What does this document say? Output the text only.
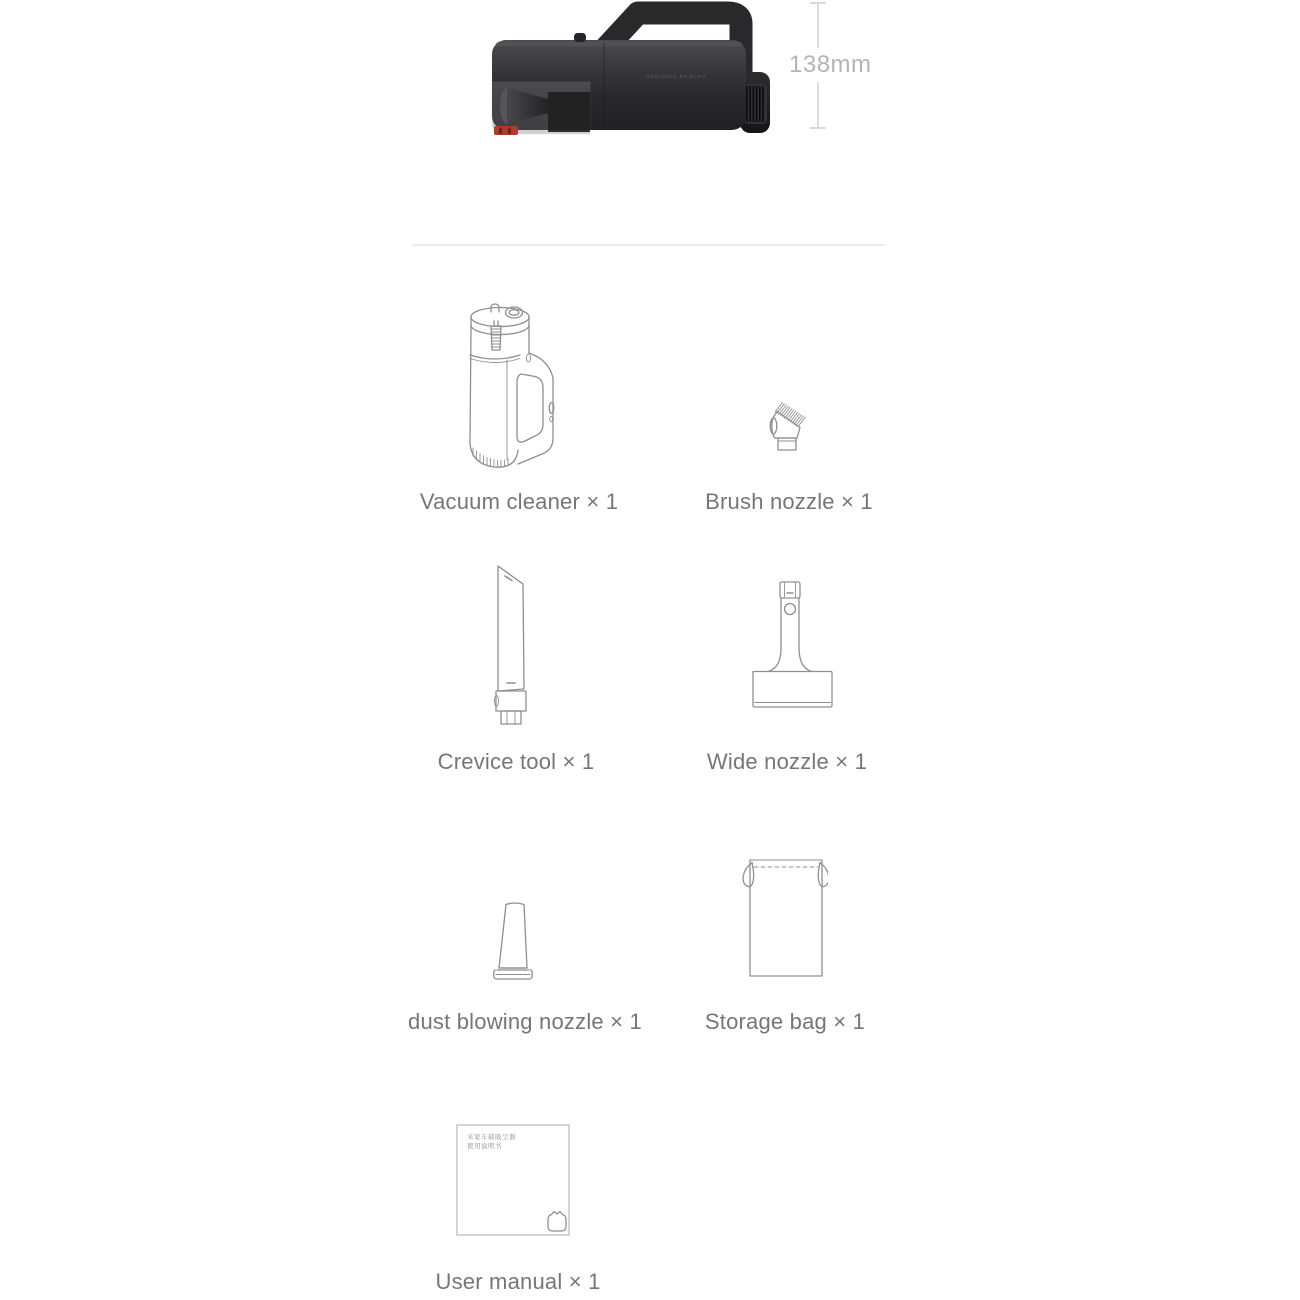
DESIGNED BY MIJIA	138mm
Vacuum cleaner × 1	Brush nozzle × 1
Crevice tool × 1	Wide nozzle × 1
dust blowing nozzle × 1	Storage bag × 1
米家车载吸尘器
使用说明书
User manual × 1
